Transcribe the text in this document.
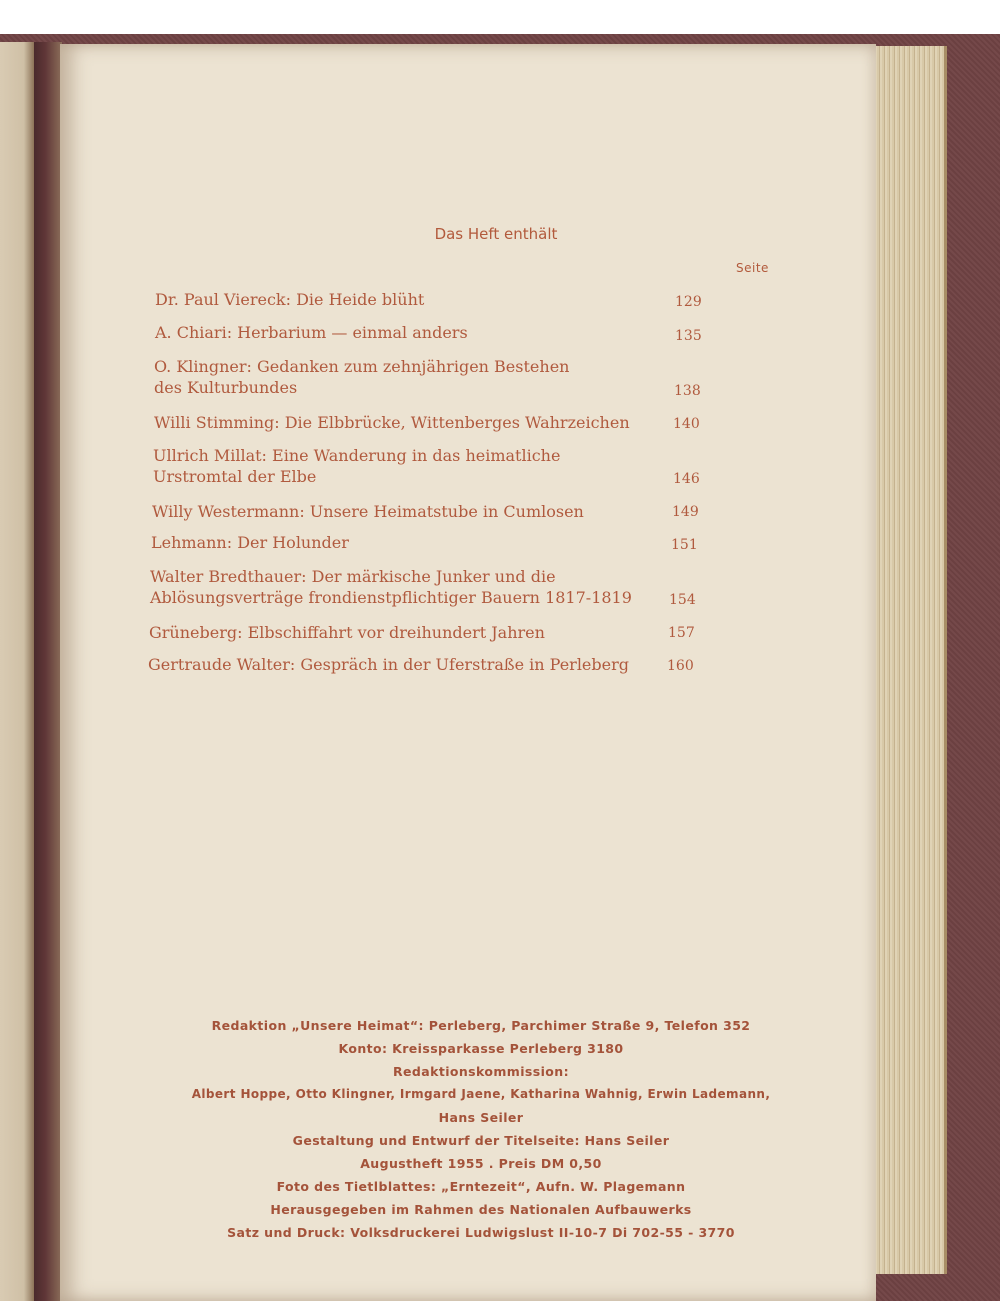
Das Heft enthält
Seite
Dr. Paul Viereck: Die Heide blüht	129
A. Chiari: Herbarium — einmal anders	135
O. Klingner: Gedanken zum zehnjährigen Bestehen
des Kulturbundes	138
Willi Stimming: Die Elbbrücke, Wittenberges Wahrzeichen	140
Ullrich Millat: Eine Wanderung in das heimatliche
Urstromtal der Elbe	146
Willy Westermann: Unsere Heimatstube in Cumlosen	149
Lehmann: Der Holunder	151
Walter Bredthauer: Der märkische Junker und die
Ablösungsverträge frondienstpflichtiger Bauern 1817-1819	154
Grüneberg: Elbschiffahrt vor dreihundert Jahren	157
Gertraude Walter: Gespräch in der Uferstraße in Perleberg	160
Redaktion „Unsere Heimat“: Perleberg, Parchimer Straße 9, Telefon 352
Konto: Kreissparkasse Perleberg 3180
Redaktionskommission:
Albert Hoppe, Otto Klingner, Irmgard Jaene, Katharina Wahnig, Erwin Lademann,
Hans Seiler
Gestaltung und Entwurf der Titelseite: Hans Seiler
Augustheft 1955 . Preis DM 0,50
Foto des Tietlblattes: „Erntezeit“, Aufn. W. Plagemann
Herausgegeben im Rahmen des Nationalen Aufbauwerks
Satz und Druck: Volksdruckerei Ludwigslust II-10-7 Di 702-55 - 3770
